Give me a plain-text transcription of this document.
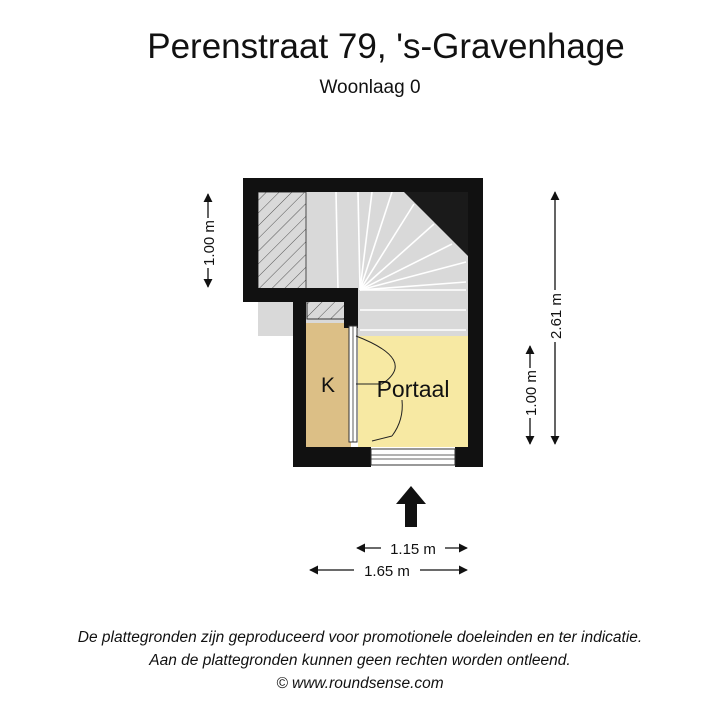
Perenstraat 79, 's-Gravenhage
Woonlaag 0
K Portaal
1.00 m
2.61 m
1.00 m
1.15 m
1.65 m
De plattegronden zijn geproduceerd voor promotionele doeleinden en ter indicatie.
Aan de plattegronden kunnen geen rechten worden ontleend.
© www.roundsense.com
